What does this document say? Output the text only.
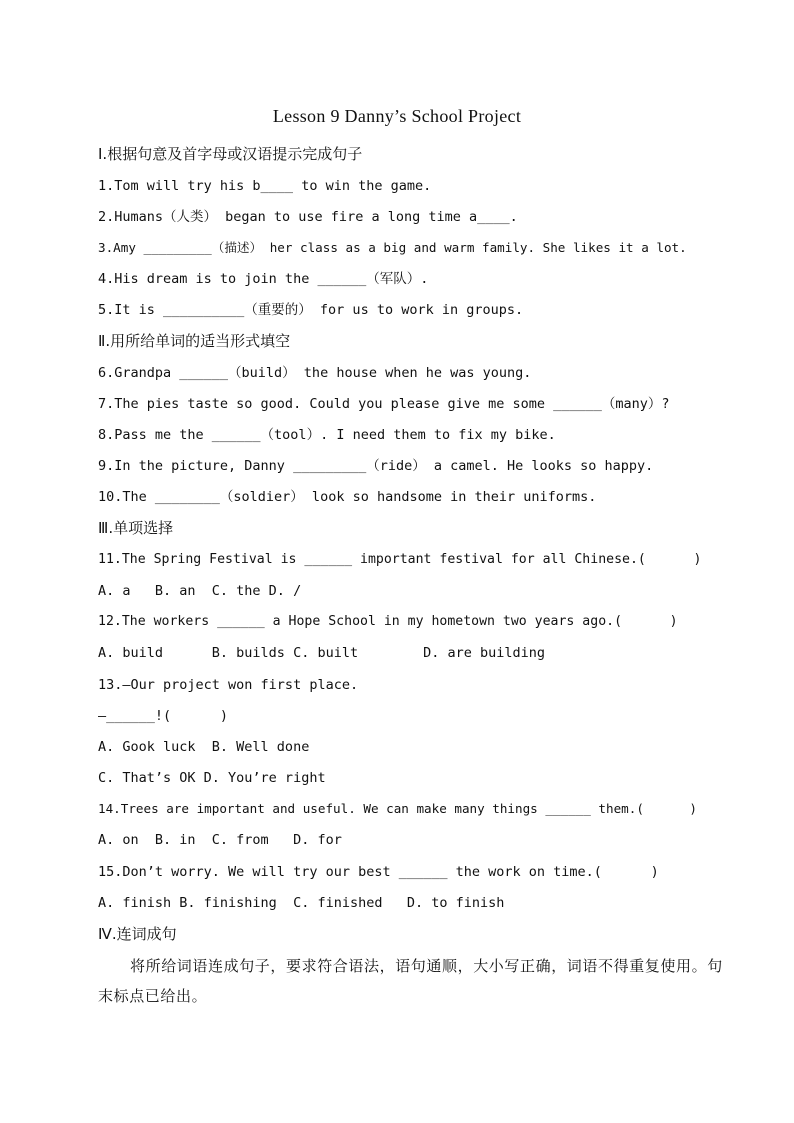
Lesson 9 Danny’s School Project
Ⅰ.根据句意及首字母或汉语提示完成句子
1.Tom will try his b____ to win the game.
2.Humans（人类） began to use fire a long time a____.
3.Amy _________（描述） her class as a big and warm family. She likes it a lot.
4.His dream is to join the ______（军队）.
5.It is __________（重要的） for us to work in groups.
Ⅱ.用所给单词的适当形式填空
6.Grandpa ______（build） the house when he was young.
7.The pies taste so good. Could you please give me some ______（many）?
8.Pass me the ______（tool）. I need them to fix my bike.
9.In the picture, Danny _________（ride） a camel. He looks so happy.
10.The ________（soldier） look so handsome in their uniforms.
Ⅲ.单项选择
11.The Spring Festival is ______ important festival for all Chinese.(      )
A. a   B. an  C. the D. /
12.The workers ______ a Hope School in my hometown two years ago.(      )
A. build      B. builds C. built        D. are building
13.—Our project won first place.
—______!(      )
A. Gook luck  B. Well done
C. That’s OK D. You’re right
14.Trees are important and useful. We can make many things ______ them.(      )
A. on  B. in  C. from   D. for
15.Don’t worry. We will try our best ______ the work on time.(      )
A. finish B. finishing  C. finished   D. to finish
Ⅳ.连词成句
将所给词语连成句子，要求符合语法，语句通顺，大小写正确，词语不得重复使用。句末标点已给出。
